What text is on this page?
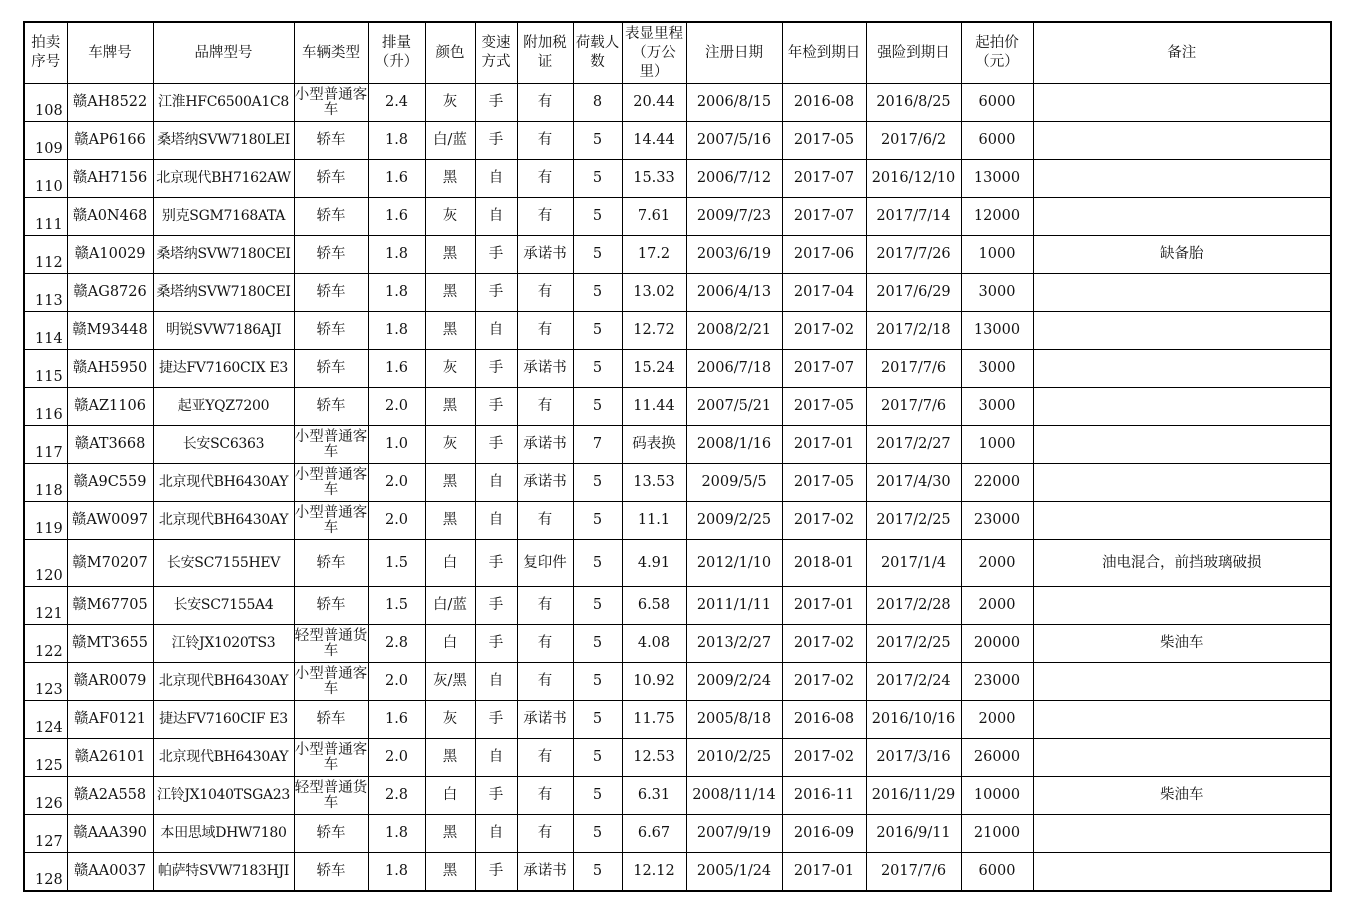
拍卖序号	车牌号	品牌型号	车辆类型	排量（升）	颜色	变速方式	附加税证	荷载人数	表显里程（万公里）	注册日期	年检到期日	强险到期日	起拍价（元）	备注
108	赣AH8522	江淮HFC6500A1C8	小型普通客车	2.4	灰	手	有	8	20.44	2006/8/15	2016-08	2016/8/25	6000	
109	赣AP6166	桑塔纳SVW7180LEI	轿车	1.8	白/蓝	手	有	5	14.44	2007/5/16	2017-05	2017/6/2	6000	
110	赣AH7156	北京现代BH7162AW	轿车	1.6	黑	自	有	5	15.33	2006/7/12	2017-07	2016/12/10	13000	
111	赣A0N468	别克SGM7168ATA	轿车	1.6	灰	自	有	5	7.61	2009/7/23	2017-07	2017/7/14	12000	
112	赣A10029	桑塔纳SVW7180CEI	轿车	1.8	黑	手	承诺书	5	17.2	2003/6/19	2017-06	2017/7/26	1000	缺备胎
113	赣AG8726	桑塔纳SVW7180CEI	轿车	1.8	黑	手	有	5	13.02	2006/4/13	2017-04	2017/6/29	3000	
114	赣M93448	明锐SVW7186AJI	轿车	1.8	黑	自	有	5	12.72	2008/2/21	2017-02	2017/2/18	13000	
115	赣AH5950	捷达FV7160CIX E3	轿车	1.6	灰	手	承诺书	5	15.24	2006/7/18	2017-07	2017/7/6	3000	
116	赣AZ1106	起亚YQZ7200	轿车	2.0	黑	手	有	5	11.44	2007/5/21	2017-05	2017/7/6	3000	
117	赣AT3668	长安SC6363	小型普通客车	1.0	灰	手	承诺书	7	码表换	2008/1/16	2017-01	2017/2/27	1000	
118	赣A9C559	北京现代BH6430AY	小型普通客车	2.0	黑	自	承诺书	5	13.53	2009/5/5	2017-05	2017/4/30	22000	
119	赣AW0097	北京现代BH6430AY	小型普通客车	2.0	黑	自	有	5	11.1	2009/2/25	2017-02	2017/2/25	23000	
120	赣M70207	长安SC7155HEV	轿车	1.5	白	手	复印件	5	4.91	2012/1/10	2018-01	2017/1/4	2000	油电混合，前挡玻璃破损
121	赣M67705	长安SC7155A4	轿车	1.5	白/蓝	手	有	5	6.58	2011/1/11	2017-01	2017/2/28	2000	
122	赣MT3655	江铃JX1020TS3	轻型普通货车	2.8	白	手	有	5	4.08	2013/2/27	2017-02	2017/2/25	20000	柴油车
123	赣AR0079	北京现代BH6430AY	小型普通客车	2.0	灰/黑	自	有	5	10.92	2009/2/24	2017-02	2017/2/24	23000	
124	赣AF0121	捷达FV7160CIF E3	轿车	1.6	灰	手	承诺书	5	11.75	2005/8/18	2016-08	2016/10/16	2000	
125	赣A26101	北京现代BH6430AY	小型普通客车	2.0	黑	自	有	5	12.53	2010/2/25	2017-02	2017/3/16	26000	
126	赣A2A558	江铃JX1040TSGA23	轻型普通货车	2.8	白	手	有	5	6.31	2008/11/14	2016-11	2016/11/29	10000	柴油车
127	赣AAA390	本田思域DHW7180	轿车	1.8	黑	自	有	5	6.67	2007/9/19	2016-09	2016/9/11	21000	
128	赣AA0037	帕萨特SVW7183HJI	轿车	1.8	黑	手	承诺书	5	12.12	2005/1/24	2017-01	2017/7/6	6000	
